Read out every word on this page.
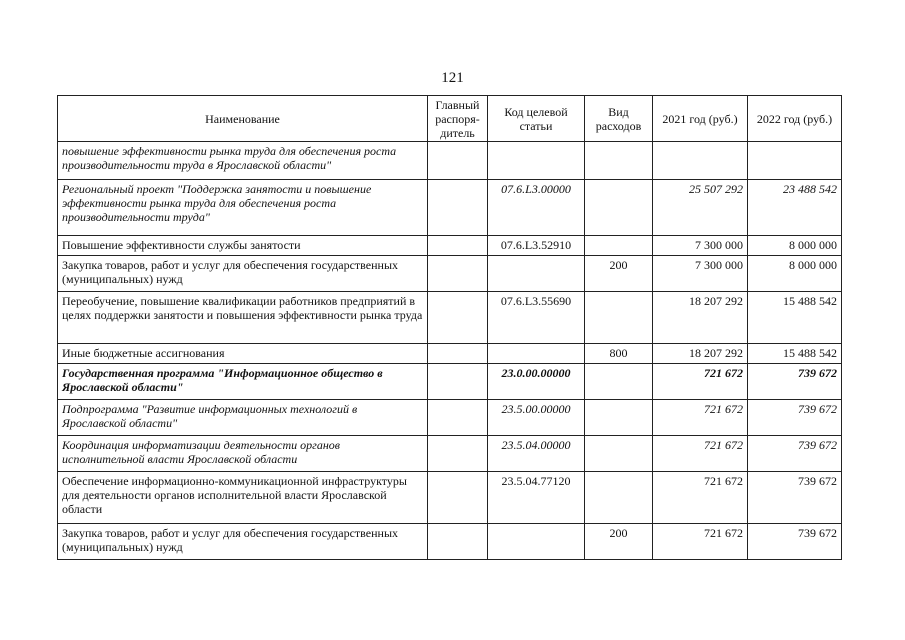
121
Наименование	Главный распоря-дитель	Код целевой статьи	Вид расходов	2021 год (руб.)	2022 год (руб.)
повышение эффективности рынка труда для обеспечения роста производительности труда в Ярославской области"					
Региональный проект "Поддержка занятости и повышение эффективности рынка труда для обеспечения роста производительности труда"		07.6.L3.00000		25 507 292	23 488 542
Повышение эффективности службы занятости		07.6.L3.52910		7 300 000	8 000 000
Закупка товаров, работ и услуг для обеспечения государственных (муниципальных) нужд			200	7 300 000	8 000 000
Переобучение, повышение квалификации работников предприятий в целях поддержки занятости и повышения эффективности рынка труда		07.6.L3.55690		18 207 292	15 488 542
Иные бюджетные ассигнования			800	18 207 292	15 488 542
Государственная программа "Информационное общество в Ярославской области"		23.0.00.00000		721 672	739 672
Подпрограмма "Развитие информационных технологий в Ярославской области"		23.5.00.00000		721 672	739 672
Координация информатизации деятельности органов исполнительной власти Ярославской области		23.5.04.00000		721 672	739 672
Обеспечение информационно-коммуникационной инфраструктуры для деятельности органов исполнительной власти Ярославской области		23.5.04.77120		721 672	739 672
Закупка товаров, работ и услуг для обеспечения государственных (муниципальных) нужд			200	721 672	739 672
